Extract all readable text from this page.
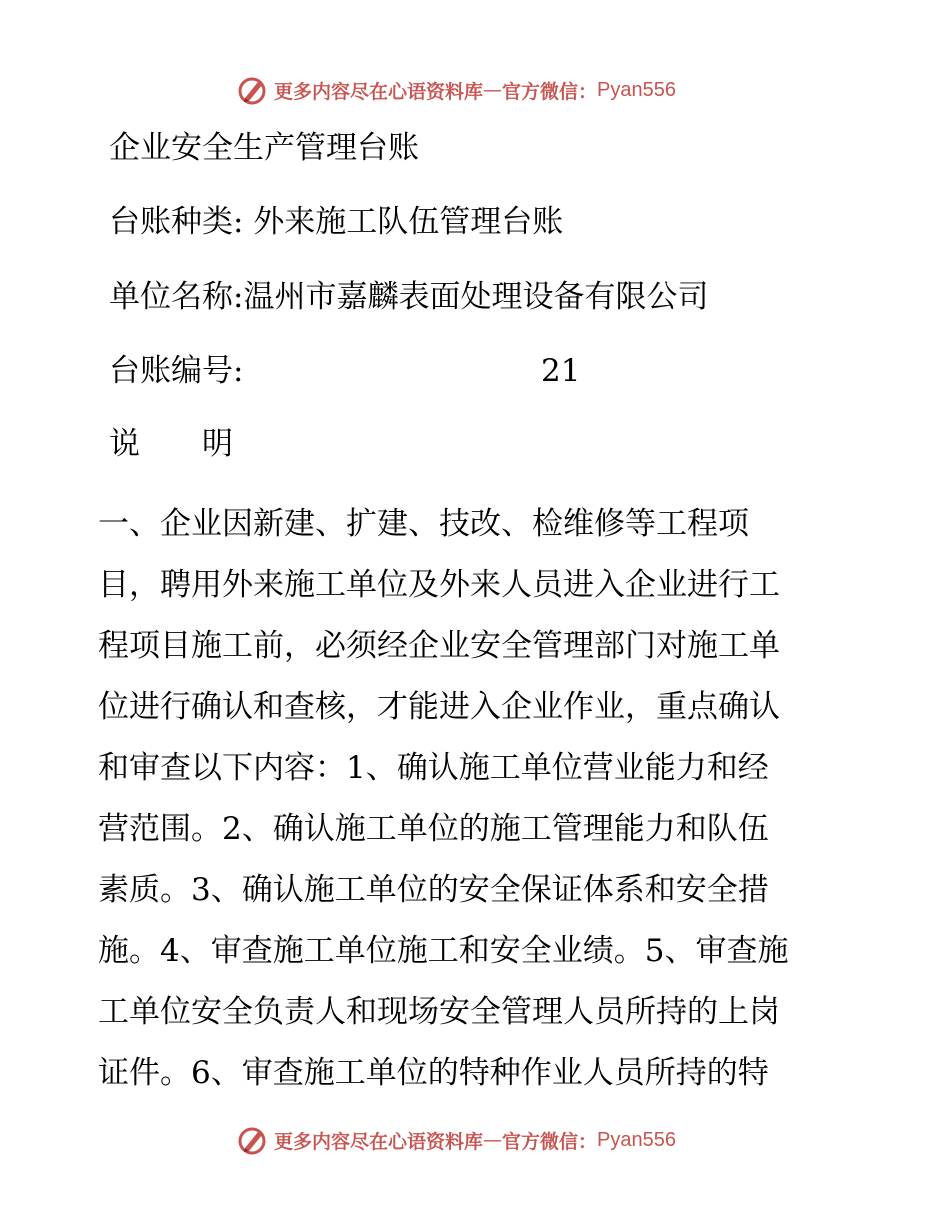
更多内容尽在心语资料库 — 官方微信： Pyan556
企业安全生产管理台账
台账种类: 外来施工队伍管理台账
单位名称:温州市嘉麟表面处理设备有限公司
台账编号:	21
说　　明
一、企业因新建、扩建、技改、检维修等工程项
目，聘用外来施工单位及外来人员进入企业进行工
程项目施工前，必须经企业安全管理部门对施工单
位进行确认和查核，才能进入企业作业，重点确认
和审查以下内容：1、确认施工单位营业能力和经
营范围。2、确认施工单位的施工管理能力和队伍
素质。3、确认施工单位的安全保证体系和安全措
施。4、审查施工单位施工和安全业绩。5、审查施
工单位安全负责人和现场安全管理人员所持的上岗
证件。6、审查施工单位的特种作业人员所持的特
更多内容尽在心语资料库 — 官方微信： Pyan556
